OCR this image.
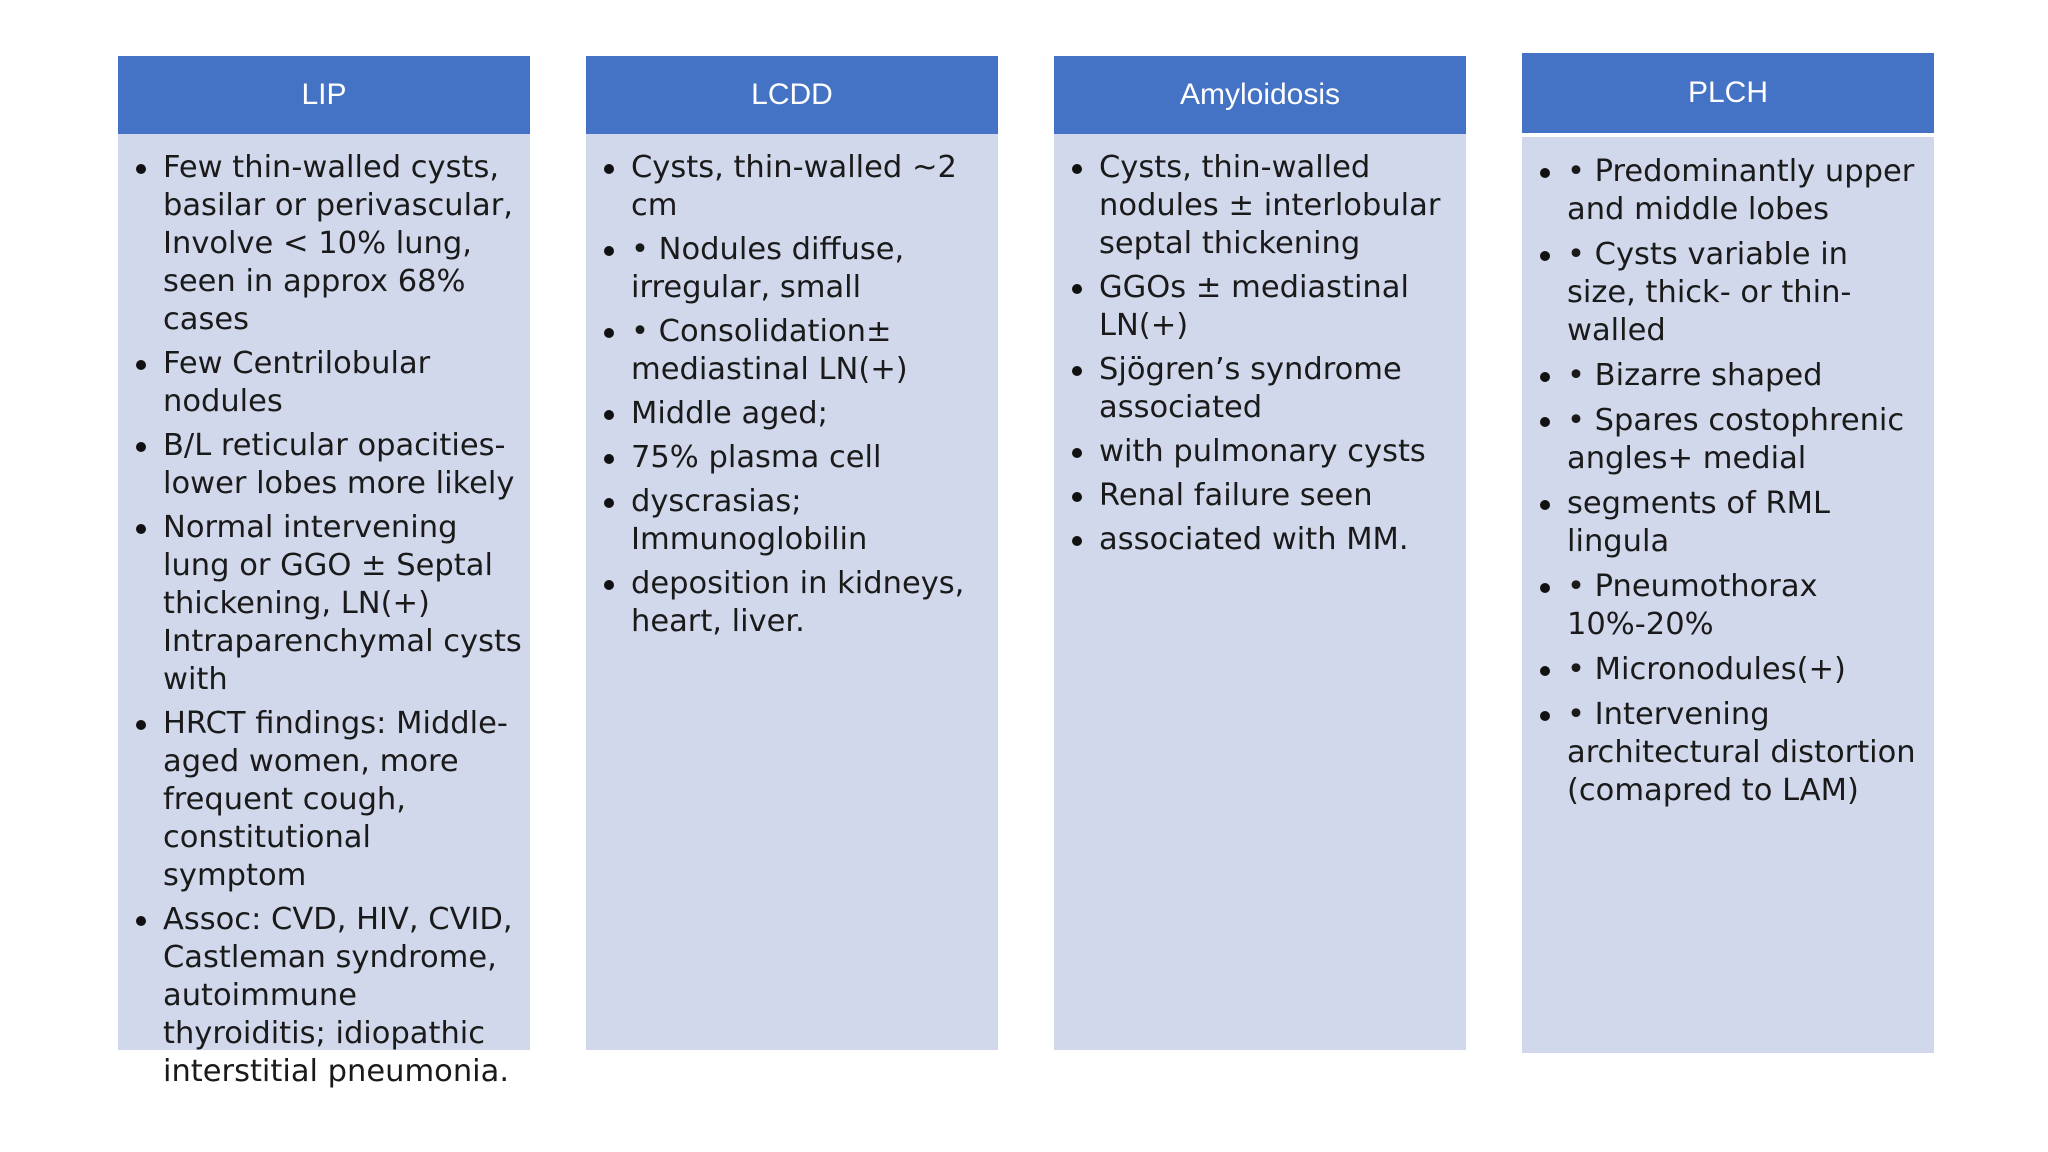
LIP
Few thin-walled cysts, basilar or perivascular, Involve < 10% lung, seen in approx 68% cases
Few Centrilobular nodules
B/L reticular opacities- lower lobes more likely
Normal intervening lung or GGO ± Septal thickening, LN(+) Intraparenchymal cysts with
HRCT findings: Middle-aged women, more frequent cough, constitutional symptom
Assoc: CVD, HIV, CVID, Castleman syndrome, autoimmune thyroiditis; idiopathic interstitial pneumonia.
LCDD
Cysts, thin-walled ~2 cm
• Nodules diffuse, irregular, small
• Consolidation± mediastinal LN(+)
Middle aged;
75% plasma cell
dyscrasias; Immunoglobilin
deposition in kidneys, heart, liver.
Amyloidosis
Cysts, thin-walled nodules ± interlobular septal thickening
GGOs ± mediastinal LN(+)
Sjögren’s syndrome associated
with pulmonary cysts
Renal failure seen
associated with MM.
PLCH
• Predominantly upper and middle lobes
• Cysts variable in size, thick- or thin-walled
• Bizarre shaped
• Spares costophrenic angles+ medial
segments of RML lingula
• Pneumothorax 10%-20%
• Micronodules(+)
• Intervening architectural distortion (comapred to LAM)
